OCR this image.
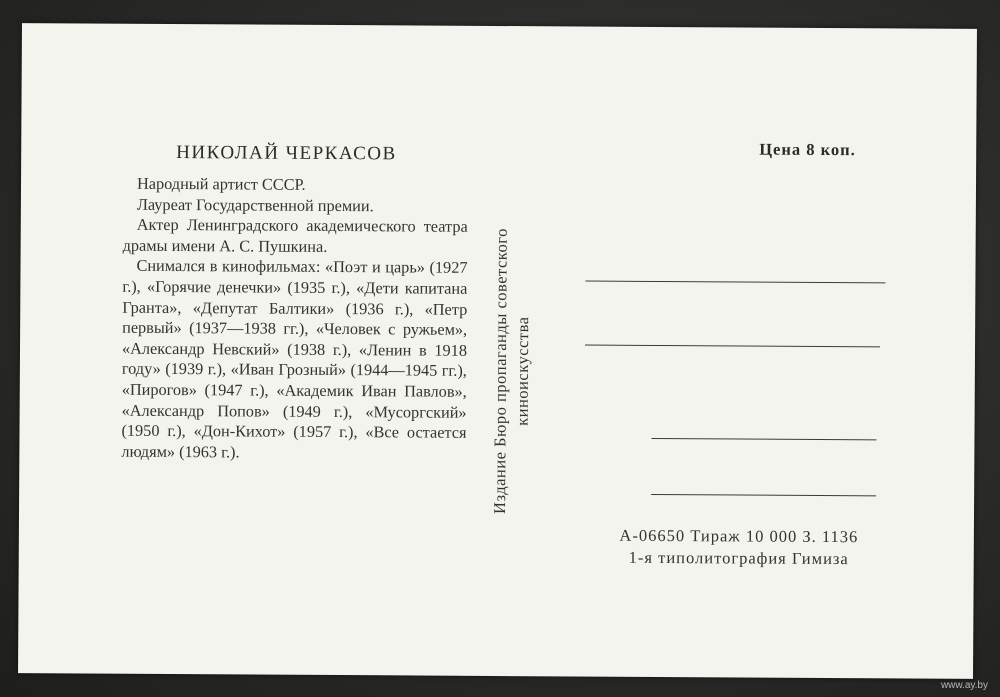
НИКОЛАЙ ЧЕРКАСОВ

Народный артист СССР.

Лауреат Государственной премии.

Актер Ленинградского академического театра драмы имени А. С. Пушкина.

Снимался в кинофильмах: «Поэт и царь» (1927 г.), «Горячие денечки» (1935 г.), «Дети капитана Гранта», «Депутат Балтики» (1936 г.), «Петр первый» (1937—1938 гг.), «Человек с ружьем», «Александр Невский» (1938 г.), «Ленин в 1918 году» (1939 г.), «Иван Грозный» (1944—1945 гг.), «Пирогов» (1947 г.), «Академик Иван Павлов», «Александр Попов» (1949 г.), «Мусоргский» (1950 г.), «Дон-Кихот» (1957 г.), «Все остается людям» (1963 г.).	Издание Бюро пропаганды советского киноискусства
Цена 8 коп.
А-06650 Тираж 10 000 З. 1136
1-я типолитография Гимиза
www.ay.by
